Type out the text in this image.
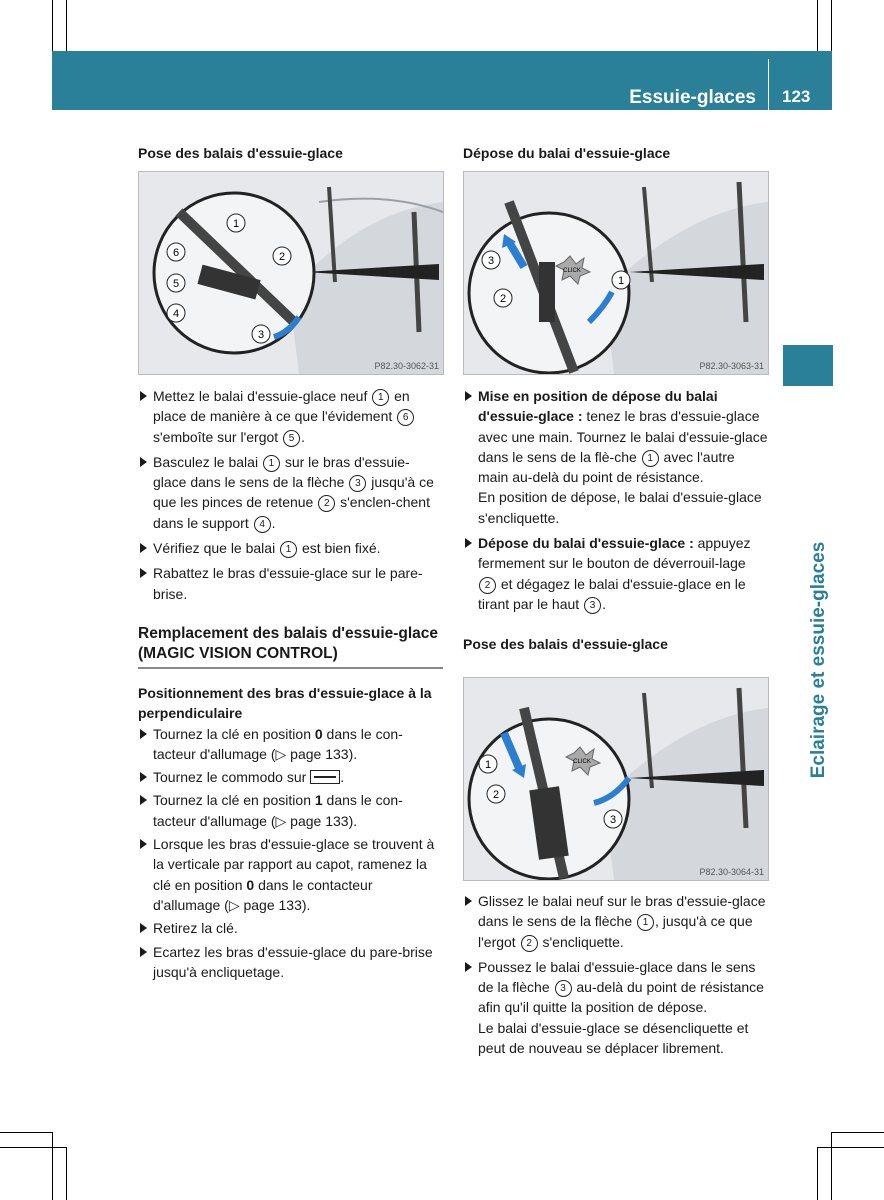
Essuie-glaces 123
Eclairage et essuie-glaces

Pose des balais d'essuie-glace

1
2
3
4
5
6
P82.30-3062-31

Mettez le balai d'essuie-glace neuf 1 en place de manière à ce que l'évidement 6 s'emboîte sur l'ergot 5 .

Basculez le balai 1 sur le bras d'essuie-glace dans le sens de la flèche 3 jusqu'à ce que les pinces de retenue 2 s'enclen-chent dans le support 4 .

Vérifiez que le balai 1 est bien fixé.

Rabattez le bras d'essuie-glace sur le pare-brise.

Remplacement des balais d'essuie-glace (MAGIC VISION CONTROL)

Positionnement des bras d'essuie-glace à la perpendiculaire

Tournez la clé en position 0 dans le con-tacteur d'allumage (▷ page 133).

Tournez le commodo sur .

Tournez la clé en position 1 dans le con-tacteur d'allumage (▷ page 133).

Lorsque les bras d'essuie-glace se trouvent à la verticale par rapport au capot, ramenez la clé en position 0 dans le contacteur d'allumage (▷ page 133).

Retirez la clé.

Ecartez les bras d'essuie-glace du pare-brise jusqu'à encliquetage.

Dépose du balai d'essuie-glace

CLICK
1
2
3
P82.30-3063-31

Mise en position de dépose du balai d'essuie-glace : tenez le bras d'essuie-glace avec une main. Tournez le balai d'essuie-glace dans le sens de la flè-che 1 avec l'autre main au-delà du point de résistance.

En position de dépose, le balai d'essuie-glace s'encliquette.

Dépose du balai d'essuie-glace : appuyez fermement sur le bouton de déverrouil-lage 2 et dégagez le balai d'essuie-glace en le tirant par le haut 3 .

Pose des balais d'essuie-glace

CLICK
1
2
3
P82.30-3064-31

Glissez le balai neuf sur le bras d'essuie-glace dans le sens de la flèche 1 , jusqu'à ce que l'ergot 2 s'encliquette.

Poussez le balai d'essuie-glace dans le sens de la flèche 3 au-delà du point de résistance afin qu'il quitte la position de dépose.

Le balai d'essuie-glace se désencliquette et peut de nouveau se déplacer librement.
